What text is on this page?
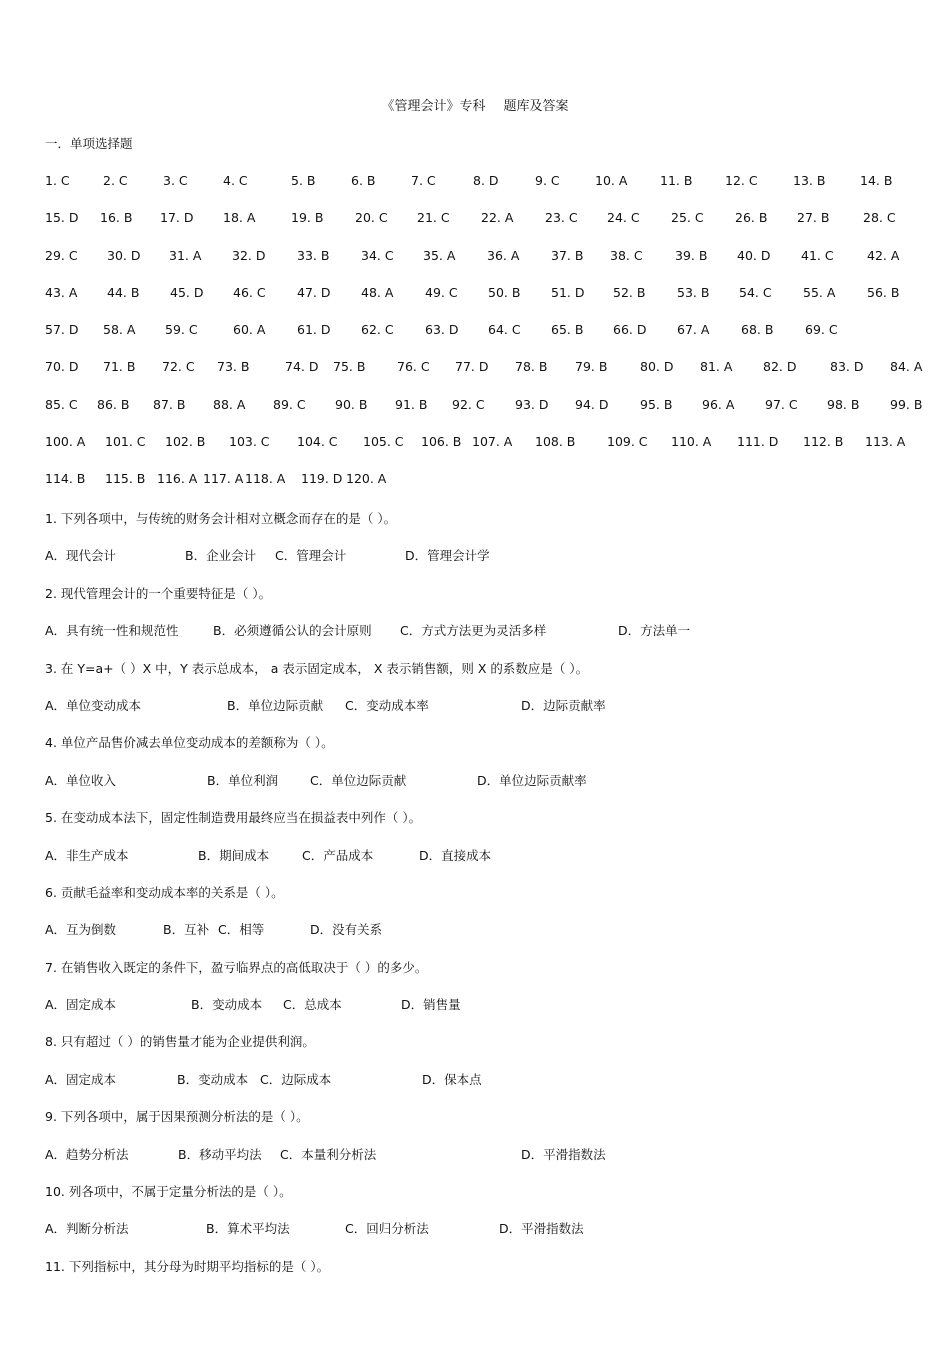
《管理会计》专科 题库及答案
一．单项选择题
1. C	2. C	3. C	4. C	5. B	6. B	7. C	8. D	9. C	10. A	11. B	12. C	13. B	14. B
15. D 16. B 17. D 18. A	19. B	20. C 21. C	22. A	23. C 24. C	25. C	26. B 27. B	28. C
29. C 30. D 31. A 32. D	33. B	34. C 35. A	36. A	37. B 38. C	39. B 40. D 41. C	42. A
43. A 44. B 45. D 46. C	47. D 48. A	49. C 50. B 51. D 52. B	53. B 54. C	55. A	56. B
57. D 58. A 59. C	60. A	61. D 62. C	63. D 64. C 65. B 66. D 67. A	68. B	69. C
70. D 71. B 72. C 73. B	74. D 75. B	76. C 77. D 78. B 79. B	80. D 81. A 82. D	83. D 84. A
85. C 86. B 87. B 88. A 89. C 90. B 91. B 92. C 93. D 94. D	95. B 96. A 97. C 98. B 99. B
100. A 101. C 102. B 103. C 104. C 105. C 106. B 107. A 108. B	109. C 110. A 111. D 112. B 113. A
114. B 115. B 116. A 117. A 118. A 119. D 120. A
1. 下列各项中，与传统的财务会计相对立概念而存在的是（ ）。
A．现代会计	B．企业会计 C．管理会计	D．管理会计学
2. 现代管理会计的一个重要特征是（ ）。
A．具有统一性和规范性	B．必须遵循公认的会计原则 C．方式方法更为灵活多样	D．方法单一
3. 在 Y=a+（ ）X 中，Y 表示总成本， a 表示固定成本， X 表示销售额，则 X 的系数应是（ ）。
A．单位变动成本	B．单位边际贡献 C．变动成本率	D．边际贡献率
4. 单位产品售价减去单位变动成本的差额称为（ ）。
A．单位收入	B．单位利润	C．单位边际贡献	D．单位边际贡献率
5. 在变动成本法下，固定性制造费用最终应当在损益表中列作（ ）。
A．非生产成本	B．期间成本	C．产品成本	D．直接成本
6. 贡献毛益率和变动成本率的关系是（ ）。
A．互为倒数	B．互补 C．相等	D．没有关系
7. 在销售收入既定的条件下，盈亏临界点的高低取决于（ ）的多少。
A．固定成本	B．变动成本 C．总成本	D．销售量
8. 只有超过（ ）的销售量才能为企业提供利润。
A．固定成本	B．变动成本 C．边际成本	D．保本点
9. 下列各项中，属于因果预测分析法的是（ ）。
A．趋势分析法	B．移动平均法 C．本量利分析法	D．平滑指数法
10. 列各项中，不属于定量分析法的是（ ）。
A．判断分析法	B．算术平均法	C．回归分析法	D．平滑指数法
11. 下列指标中，其分母为时期平均指标的是（ ）。
